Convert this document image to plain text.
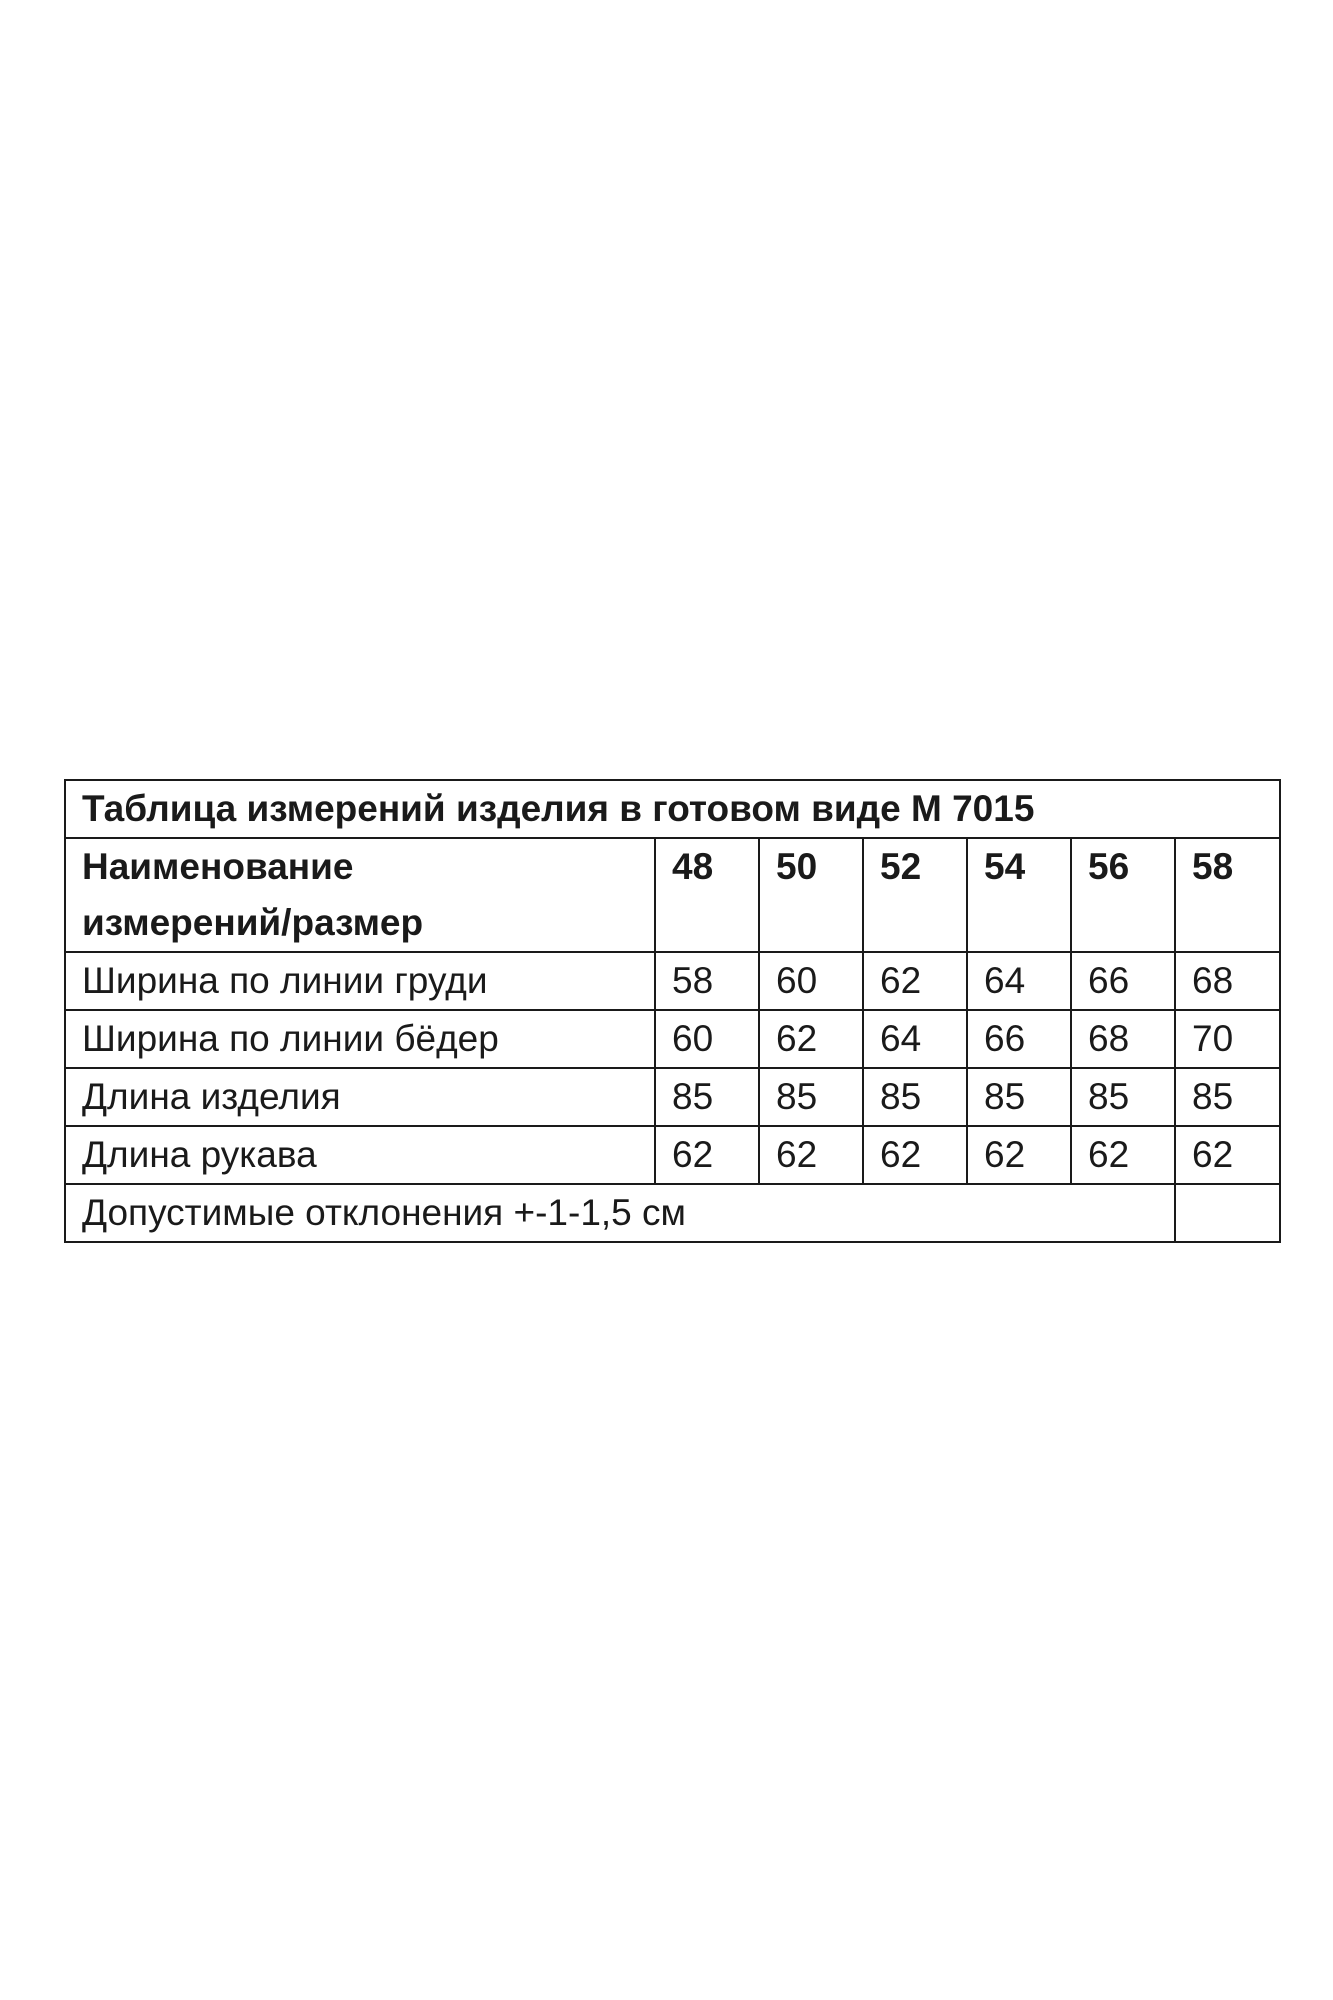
Таблица измерений изделия в готовом виде М 7015						

Наименование
измерений/размер	48	50	52	54	56	58
Ширина по линии груди	58	60	62	64	66	68
Ширина по линии бёдер	60	62	64	66	68	70
Длина изделия	85	85	85	85	85	85
Длина рукава	62	62	62	62	62	62
Допустимые отклонения +-1-1,5 см						
